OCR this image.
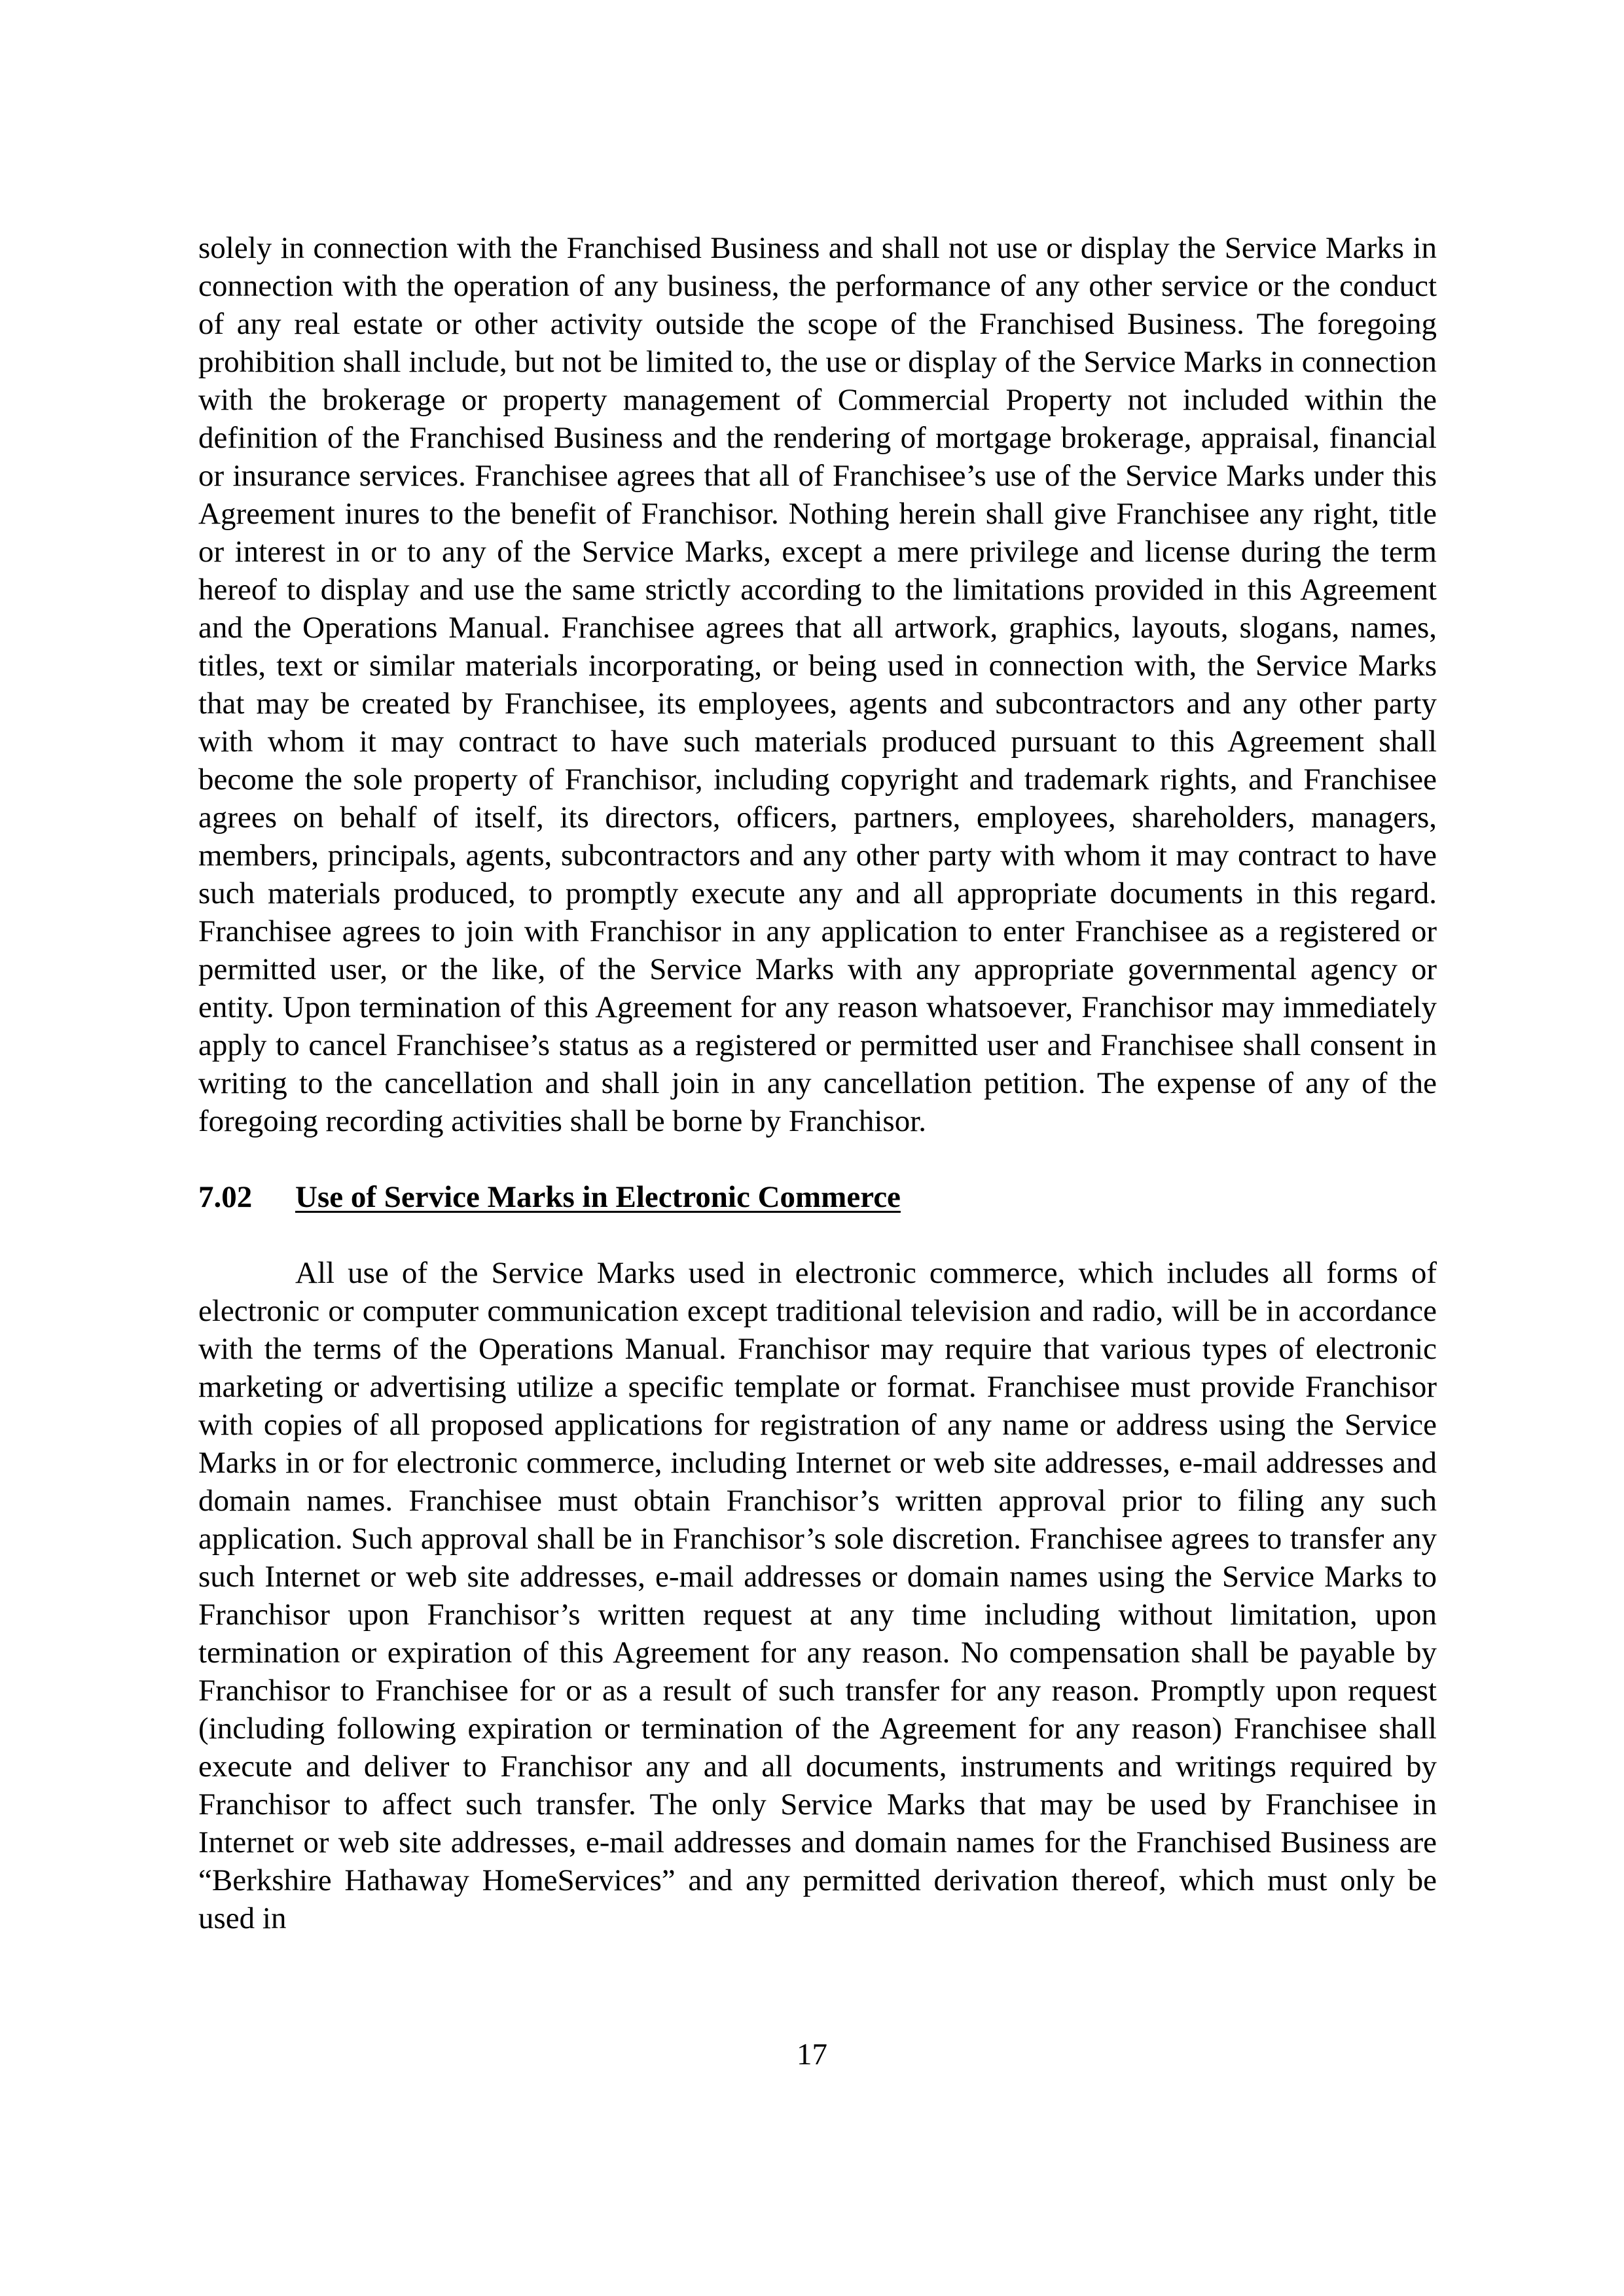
solely in connection with the Franchised Business and shall not use or display the Service Marks in connection with the operation of any business, the performance of any other service or the conduct of any real estate or other activity outside the scope of the Franchised Business. The foregoing prohibition shall include, but not be limited to, the use or display of the Service Marks in connection with the brokerage or property management of Commercial Property not included within the definition of the Franchised Business and the rendering of mortgage brokerage, appraisal, financial or insurance services. Franchisee agrees that all of Franchisee’s use of the Service Marks under this Agreement inures to the benefit of Franchisor. Nothing herein shall give Franchisee any right, title or interest in or to any of the Service Marks, except a mere privilege and license during the term hereof to display and use the same strictly according to the limitations provided in this Agreement and the Operations Manual. Franchisee agrees that all artwork, graphics, layouts, slogans, names, titles, text or similar materials incorporating, or being used in connection with, the Service Marks that may be created by Franchisee, its employees, agents and subcontractors and any other party with whom it may contract to have such materials produced pursuant to this Agreement shall become the sole property of Franchisor, including copyright and trademark rights, and Franchisee agrees on behalf of itself, its directors, officers, partners, employees, shareholders, managers, members, principals, agents, subcontractors and any other party with whom it may contract to have such materials produced, to promptly execute any and all appropriate documents in this regard. Franchisee agrees to join with Franchisor in any application to enter Franchisee as a registered or permitted user, or the like, of the Service Marks with any appropriate governmental agency or entity. Upon termination of this Agreement for any reason whatsoever, Franchisor may immediately apply to cancel Franchisee’s status as a registered or permitted user and Franchisee shall consent in writing to the cancellation and shall join in any cancellation petition. The expense of any of the foregoing recording activities shall be borne by Franchisor.

7.02 Use of Service Marks in Electronic Commerce

All use of the Service Marks used in electronic commerce, which includes all forms of electronic or computer communication except traditional television and radio, will be in accordance with the terms of the Operations Manual. Franchisor may require that various types of electronic marketing or advertising utilize a specific template or format. Franchisee must provide Franchisor with copies of all proposed applications for registration of any name or address using the Service Marks in or for electronic commerce, including Internet or web site addresses, e-mail addresses and domain names. Franchisee must obtain Franchisor’s written approval prior to filing any such application. Such approval shall be in Franchisor’s sole discretion. Franchisee agrees to transfer any such Internet or web site addresses, e-mail addresses or domain names using the Service Marks to Franchisor upon Franchisor’s written request at any time including without limitation, upon termination or expiration of this Agreement for any reason. No compensation shall be payable by Franchisor to Franchisee for or as a result of such transfer for any reason. Promptly upon request (including following expiration or termination of the Agreement for any reason) Franchisee shall execute and deliver to Franchisor any and all documents, instruments and writings required by Franchisor to affect such transfer. The only Service Marks that may be used by Franchisee in Internet or web site addresses, e-mail addresses and domain names for the Franchised Business are “Berkshire Hathaway HomeServices” and any permitted derivation thereof, which must only be used in

17
